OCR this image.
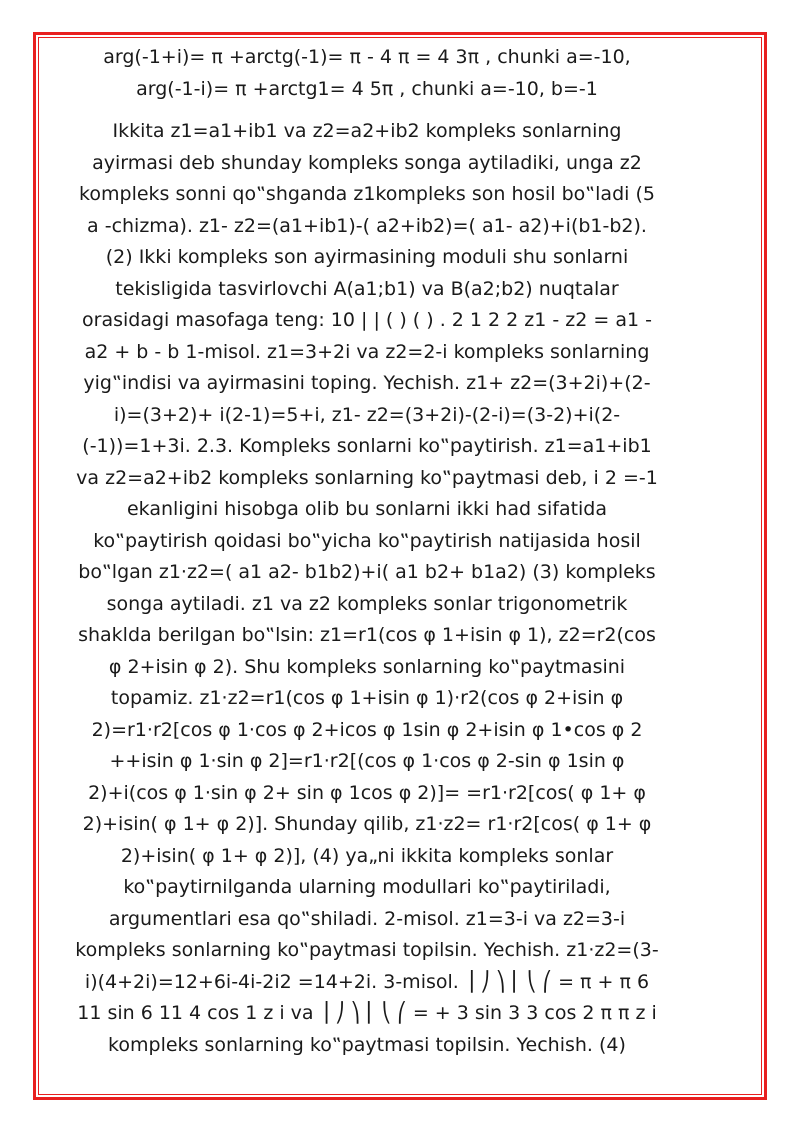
arg(-1+i)= π +arctg(-1)= π - 4 π = 4 3π , chunki a=-10, arg(-1-i)= π +arctg1= 4 5π , chunki a=-10, b=-1

Ikkita z1=a1+ib1 va z2=a2+ib2 kompleks sonlarning ayirmasi deb shunday kompleks songa aytiladiki, unga z2 kompleks sonni qo‟shganda z1kompleks son hosil bo‟ladi (5 a -chizma). z1- z2=(a1+ib1)-( a2+ib2)=( a1- a2)+i(b1-b2). (2) Ikki kompleks son ayirmasining moduli shu sonlarni tekisligida tasvirlovchi A(a1;b1) va B(a2;b2) nuqtalar orasidagi masofaga teng: 10 | | ( ) ( ) . 2 1 2 2 z1 - z2 = a1 - a2 + b - b 1-misol. z1=3+2i va z2=2-i kompleks sonlarning yig‟indisi va ayirmasini toping. Yechish. z1+ z2=(3+2i)+(2-i)=(3+2)+ i(2-1)=5+i, z1- z2=(3+2i)-(2-i)=(3-2)+i(2-(-1))=1+3i. 2.3. Kompleks sonlarni ko‟paytirish. z1=a1+ib1 va z2=a2+ib2 kompleks sonlarning ko‟paytmasi deb, i 2 =-1 ekanligini hisobga olib bu sonlarni ikki had sifatida ko‟paytirish qoidasi bo‟yicha ko‟paytirish natijasida hosil bo‟lgan z1·z2=( a1 a2- b1b2)+i( a1 b2+ b1a2) (3) kompleks songa aytiladi. z1 va z2 kompleks sonlar trigonometrik shaklda berilgan bo‟lsin: z1=r1(cos φ 1+isin φ 1), z2=r2(cos φ 2+isin φ 2). Shu kompleks sonlarning ko‟paytmasini topamiz. z1·z2=r1(cos φ 1+isin φ 1)·r2(cos φ 2+isin φ 2)=r1·r2[cos φ 1·cos φ 2+icos φ 1sin φ 2+isin φ 1•cos φ 2 ++isin φ 1·sin φ 2]=r1·r2[(cos φ 1·cos φ 2-sin φ 1sin φ 2)+i(cos φ 1·sin φ 2+ sin φ 1cos φ 2)]= =r1·r2[cos( φ 1+ φ 2)+isin( φ 1+ φ 2)]. Shunday qilib, z1·z2= r1·r2[cos( φ 1+ φ 2)+isin( φ 1+ φ 2)], (4) ya„ni ikkita kompleks sonlar ko‟paytirnilganda ularning modullari ko‟paytiriladi, argumentlari esa qo‟shiladi. 2-misol. z1=3-i va z2=3-i kompleks sonlarning ko‟paytmasi topilsin. Yechish. z1·z2=(3-i)(4+2i)=12+6i-4i-2i2 =14+2i. 3-misol. ⎟ ⎠ ⎞ ⎜ ⎝ ⎛ = π + π 6 11 sin 6 11 4 cos 1 z i va ⎟ ⎠ ⎞ ⎜ ⎝ ⎛ = + 3 sin 3 3 cos 2 π π z i kompleks sonlarning ko‟paytmasi topilsin. Yechish. (4)
